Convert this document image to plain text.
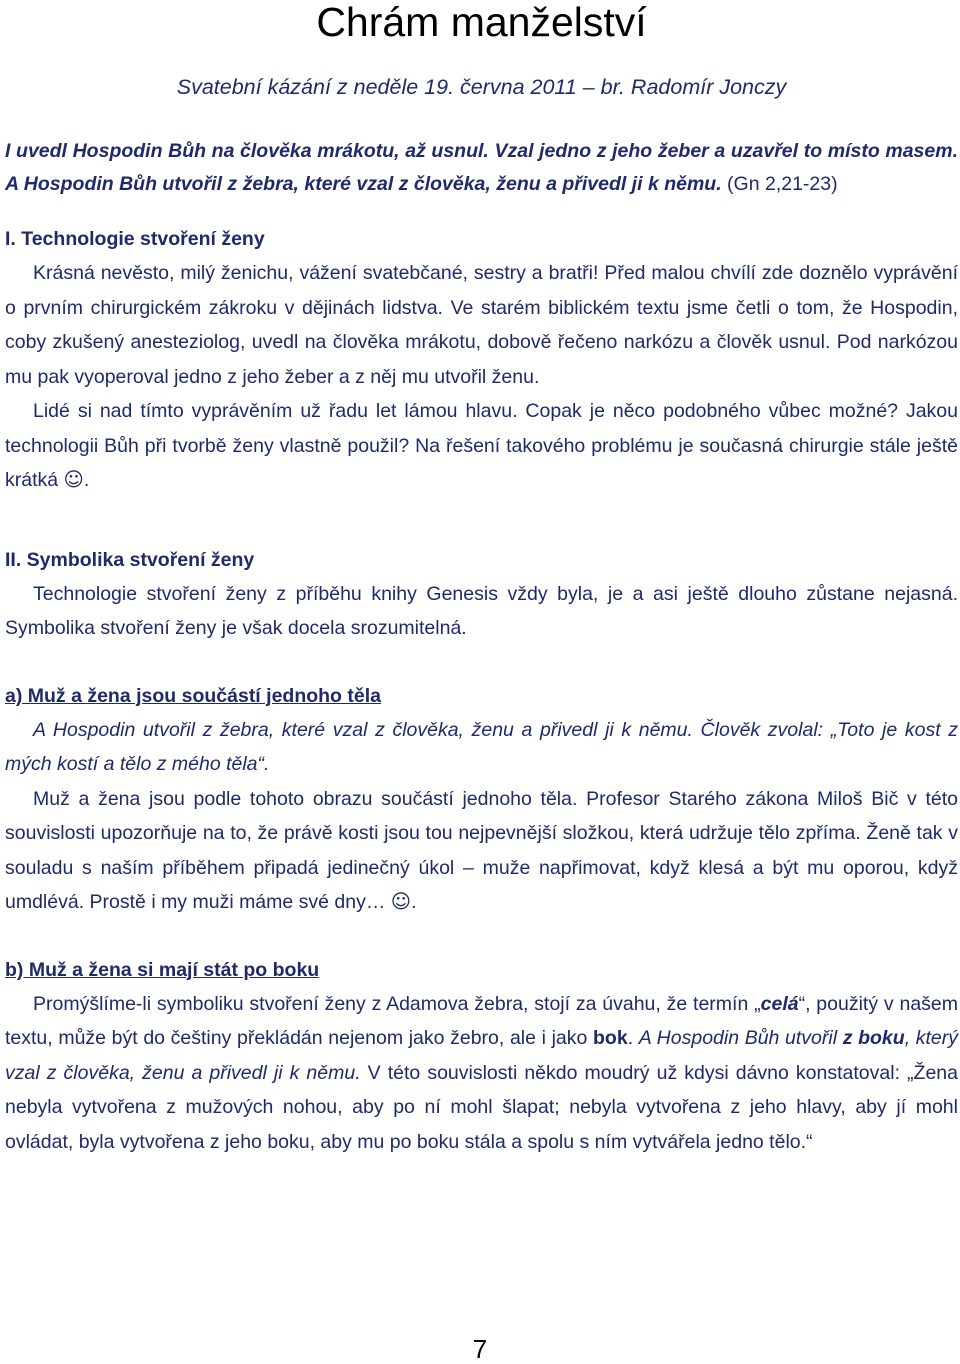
Chrám manželství
Svatební kázání z neděle 19. června 2011 – br. Radomír Jonczy
I uvedl Hospodin Bůh na člověka mrákotu, až usnul. Vzal jedno z jeho žeber a uzavřel to místo masem. A Hospodin Bůh utvořil z žebra, které vzal z člověka, ženu a přivedl ji k němu. (Gn 2,21-23)
I. Technologie stvoření ženy

Krásná nevěsto, milý ženichu, vážení svatebčané, sestry a bratři! Před malou chvílí zde doznělo vyprávění o prvním chirurgickém zákroku v dějinách lidstva. Ve starém biblickém textu jsme četli o tom, že Hospodin, coby zkušený anesteziolog, uvedl na člověka mrákotu, dobově řečeno narkózu a člověk usnul. Pod narkózou mu pak vyoperoval jedno z jeho žeber a z něj mu utvořil ženu.

Lidé si nad tímto vyprávěním už řadu let lámou hlavu. Copak je něco podobného vůbec možné? Jakou technologii Bůh při tvorbě ženy vlastně použil? Na řešení takového problému je současná chirurgie stále ještě krátká ☺.

II. Symbolika stvoření ženy

Technologie stvoření ženy z příběhu knihy Genesis vždy byla, je a asi ještě dlouho zůstane nejasná. Symbolika stvoření ženy je však docela srozumitelná.

a) Muž a žena jsou součástí jednoho těla

A Hospodin utvořil z žebra, které vzal z člověka, ženu a přivedl ji k němu. Člověk zvolal: „Toto je kost z mých kostí a tělo z mého těla“.

Muž a žena jsou podle tohoto obrazu součástí jednoho těla. Profesor Starého zákona Miloš Bič v této souvislosti upozorňuje na to, že právě kosti jsou tou nejpevnější složkou, která udržuje tělo zpříma. Ženě tak v souladu s naším příběhem připadá jedinečný úkol – muže napřimovat, když klesá a být mu oporou, když umdlévá. Prostě i my muži máme své dny… ☺.

b) Muž a žena si mají stát po boku

Promýšlíme-li symboliku stvoření ženy z Adamova žebra, stojí za úvahu, že termín „celá“, použitý v našem textu, může být do češtiny překládán nejenom jako žebro, ale i jako bok. A Hospodin Bůh utvořil z boku, který vzal z člověka, ženu a přivedl ji k němu. V této souvislosti někdo moudrý už kdysi dávno konstatoval: „Žena nebyla vytvořena z mužových nohou, aby po ní mohl šlapat; nebyla vytvořena z jeho hlavy, aby jí mohl ovládat, byla vytvořena z jeho boku, aby mu po boku stála a spolu s ním vytvářela jedno tělo.“

7
